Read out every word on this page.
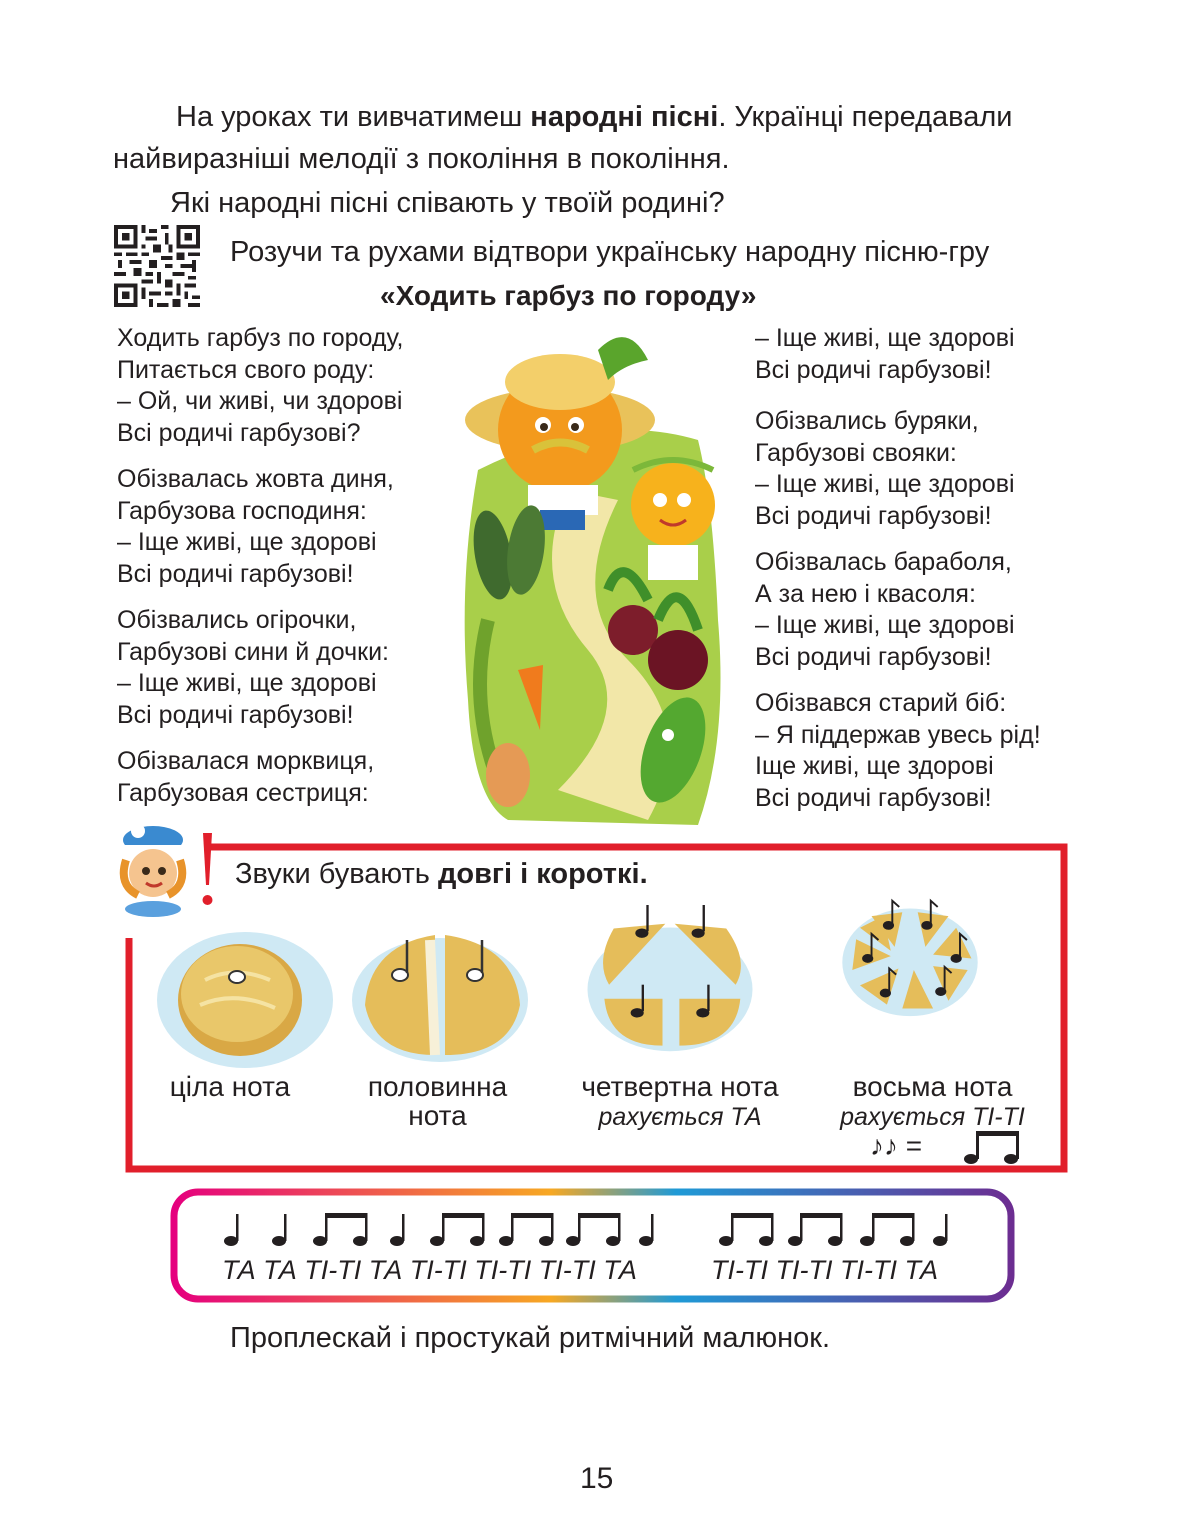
На уроках ти вивчатимеш народні пісні. Українці передавали
найвиразніші мелодії з покоління в покоління.
Які народні пісні співають у твоїй родині?
Розучи та рухами відтвори українську народну пісню-гру
«Ходить гарбуз по городу»
Ходить гарбуз по городу,
Питається свого роду:
– Ой, чи живі, чи здорові
Всі родичі гарбузові?
Обізвалась жовта диня,
Гарбузова господиня:
– Іще живі, ще здорові
Всі родичі гарбузові!
Обізвались огірочки,
Гарбузові сини й дочки:
– Іще живі, ще здорові
Всі родичі гарбузові!
Обізвалася морквиця,
Гарбузовая сестриця:
– Іще живі, ще здорові
Всі родичі гарбузові!
Обізвались буряки,
Гарбузові свояки:
– Іще живі, ще здорові
Всі родичі гарбузові!
Обізвалась бараболя,
А за нею і квасоля:
– Іще живі, ще здорові
Всі родичі гарбузові!
Обізвався старий біб:
– Я піддержав увесь рід!
Іще живі, ще здорові
Всі родичі гарбузові!
Звуки бувають довгі і короткі.
ціла нота	половинна
нота
четвертна нота
рахується ТА
восьма нота
рахується ТІ-ТІ
♪♪ =
ТА ТА ТІ-ТІ ТА ТІ-ТІ ТІ-ТІ ТІ-ТІ ТА	ТІ-ТІ ТІ-ТІ ТІ-ТІ ТА
Проплескай і простукай ритмічний малюнок.
15
